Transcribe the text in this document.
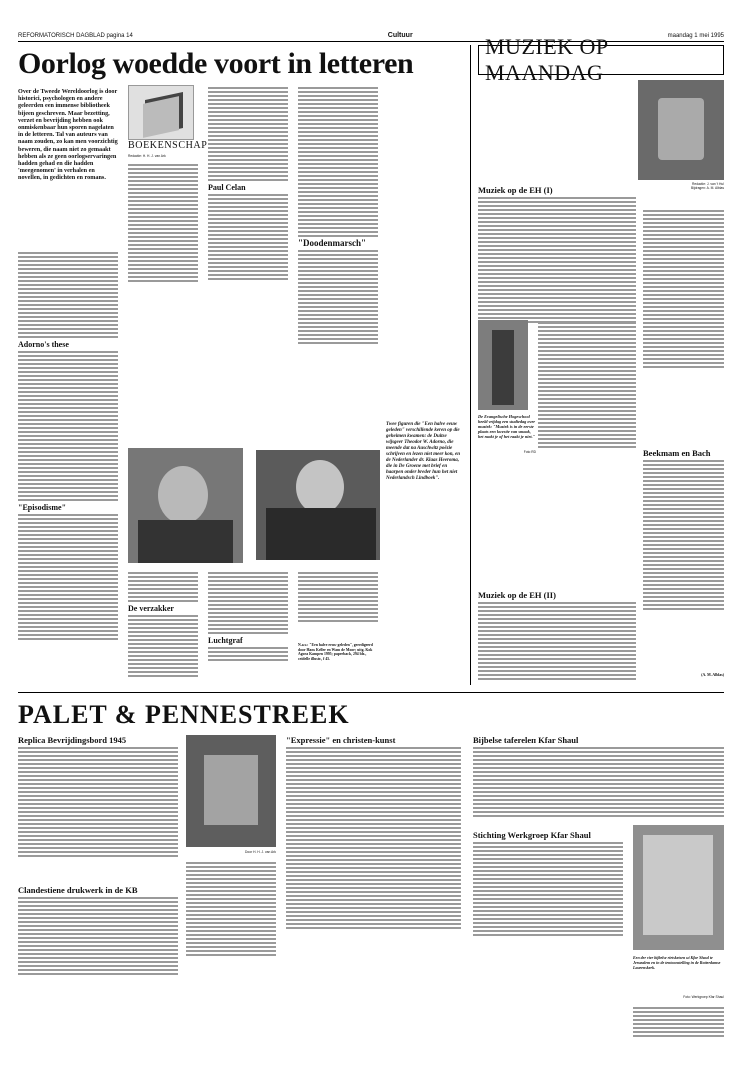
REFORMATORISCH DAGBLAD pagina 14	Cultuur	maandag 1 mei 1995
Oorlog woedde voort in letteren
MUZIEK OP MAANDAG
Over de Tweede Wereldoorlog is door historici, psychologen en andere geleerden een immense bibliotheek bijeen geschreven. Maar bezetting, verzet en bevrijding hebben ook onmiskenbaar hun sporen nagelaten in de letteren. Tal van auteurs van naam zouden, zo kan men voorzichtig beweren, die naam niet zo gemaakt hebben als ze geen oorlogservaringen hadden gehad en die hadden 'meegenomen' in verhalen en novellen, in gedichten en romans.
Adorno's these
"Episodisme"
BOEKENSCHAP
Redactie: H. H. J. van Ark
Paul Celan
"Doodenmarsch"
Twee figuren die "Een halve eeuw geleden" verschillende keren op die geheimen kwamen: de Duitse wijsgeer Theodor W. Adorno, die meende dat na Auschwitz poëzie schrijven en lezen niet meer kon, en de Nederlander dr. Klaas Heeroma, die in De Groene met brief en haarpen onder breder hun het niet Nederlandsch Lindboek".
De verzakker
Luchtgraf	N.a.v.: "Een halve eeuw geleden", geredigeerd door Hans Keller en Wam de Moor; uitg. Kok Agora Kampen 1995; paperback, 294 blz., ceïdelle illustr., f 45.
Redactie: J. van 't Hul
Bijdragen: A. M. Alblas
Muziek op de EH (I)
De Evangelische Hogeschool heeld vrijdag een studiedag over muziek: "Muziek is in de eerste plaats een kwestie van smaak, het raakt je of het raakt je niet."
Foto RD	Beekmam en Bach
Muziek op de EH (II)
(A. M. Alblas)
PALET & PENNESTREEK
Replica Bevrijdingsbord 1945
Clandestiene drukwerk in de KB
Door H. H. J. van Ark
"Expressie" en christen-kunst	Bijbelse tafereleп Kfar Shaul
Stichting Werkgroep Kfar Shaul
Een der vier bijbelse rietsketsen ui Kfar Shaul te Jeruzalem en in de tentoonstelling in de Rotterdamse Laurenskerk.
Foto: Werkgroep Kfar Shaul
